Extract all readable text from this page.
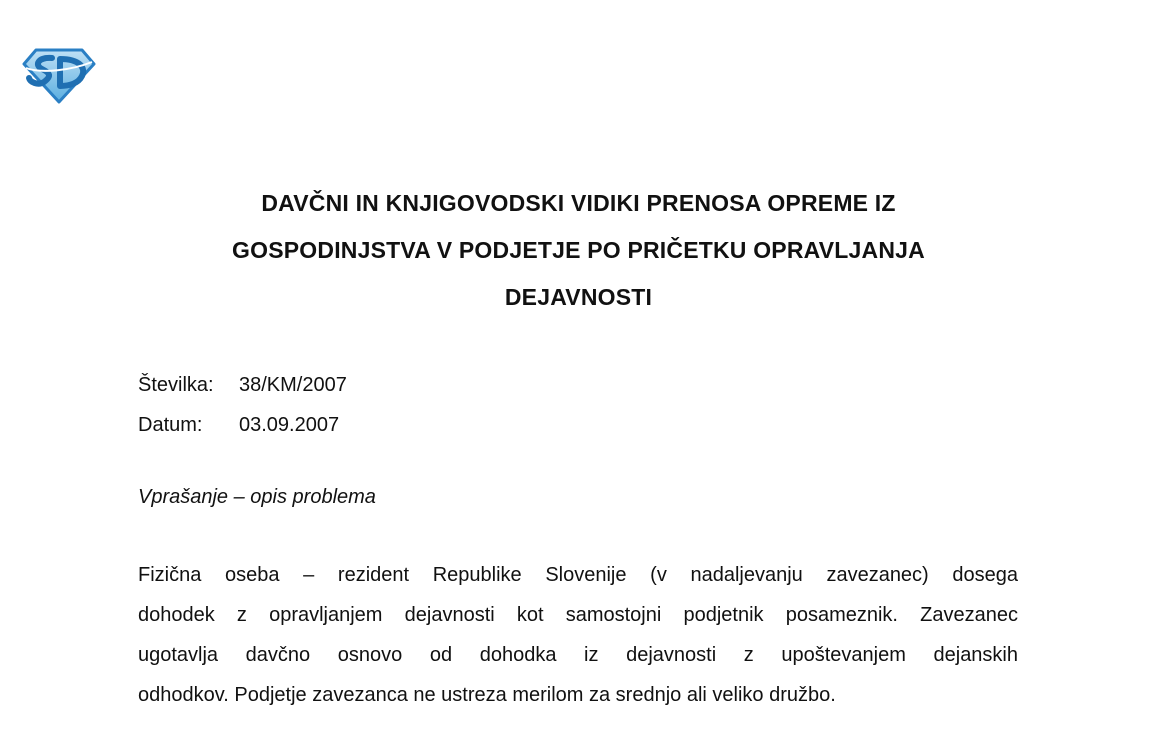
DAVČNI IN KNJIGOVODSKI VIDIKI PRENOSA OPREME IZ
GOSPODINJSTVA V PODJETJE PO PRIČETKU OPRAVLJANJA
DEJAVNOSTI
Številka:	38/KM/2007
Datum:	03.09.2007
Vprašanje – opis problema
Fizična oseba – rezident Republike Slovenije (v nadaljevanju zavezanec) dosega
dohodek z opravljanjem dejavnosti kot samostojni podjetnik posameznik. Zavezanec
ugotavlja davčno osnovo od dohodka iz dejavnosti z upoštevanjem dejanskih
odhodkov. Podjetje zavezanca ne ustreza merilom za srednjo ali veliko družbo.
